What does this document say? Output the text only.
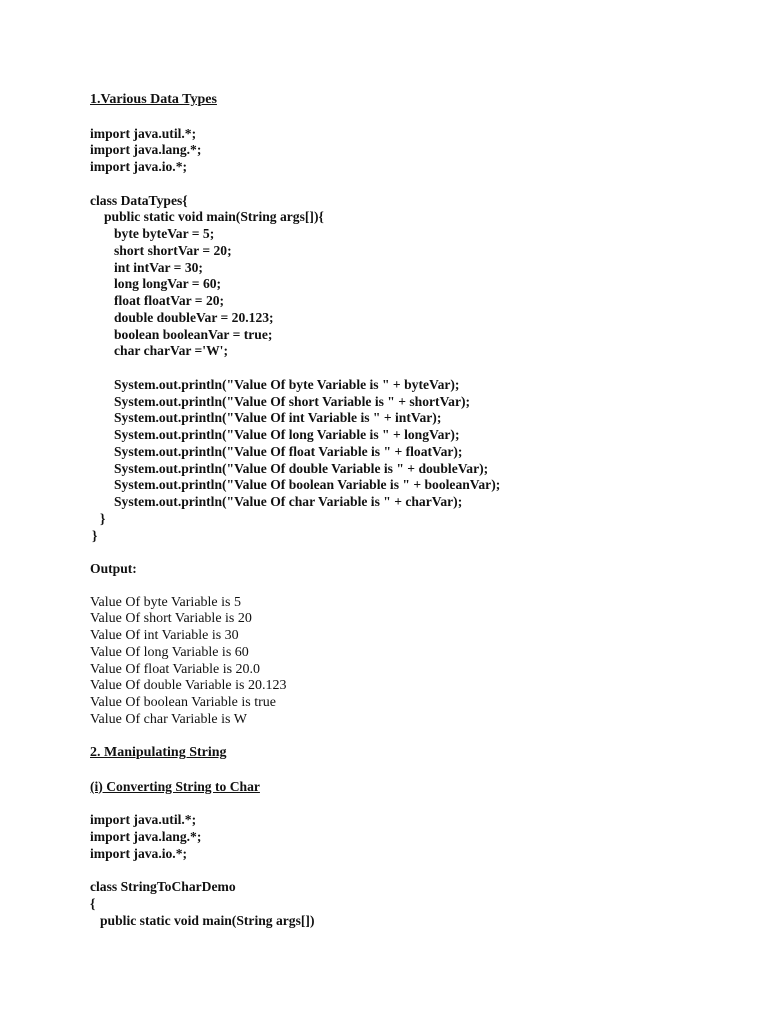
1.Various Data Types
import java.util.*;
import java.lang.*;
import java.io.*;
class DataTypes{
public static void main(String args[]){
byte byteVar = 5;
short shortVar = 20;
int intVar = 30;
long longVar = 60;
float floatVar = 20;
double doubleVar = 20.123;
boolean booleanVar = true;
char charVar ='W';
System.out.println("Value Of byte Variable is " + byteVar);
System.out.println("Value Of short Variable is " + shortVar);
System.out.println("Value Of int Variable is " + intVar);
System.out.println("Value Of long Variable is " + longVar);
System.out.println("Value Of float Variable is " + floatVar);
System.out.println("Value Of double Variable is " + doubleVar);
System.out.println("Value Of boolean Variable is " + booleanVar);
System.out.println("Value Of char Variable is " + charVar);
}
}
Output:
Value Of byte Variable is 5
Value Of short Variable is 20
Value Of int Variable is 30
Value Of long Variable is 60
Value Of float Variable is 20.0
Value Of double Variable is 20.123
Value Of boolean Variable is true
Value Of char Variable is W
2. Manipulating String
(i) Converting String to Char
import java.util.*;
import java.lang.*;
import java.io.*;
class StringToCharDemo
{
public static void main(String args[])
